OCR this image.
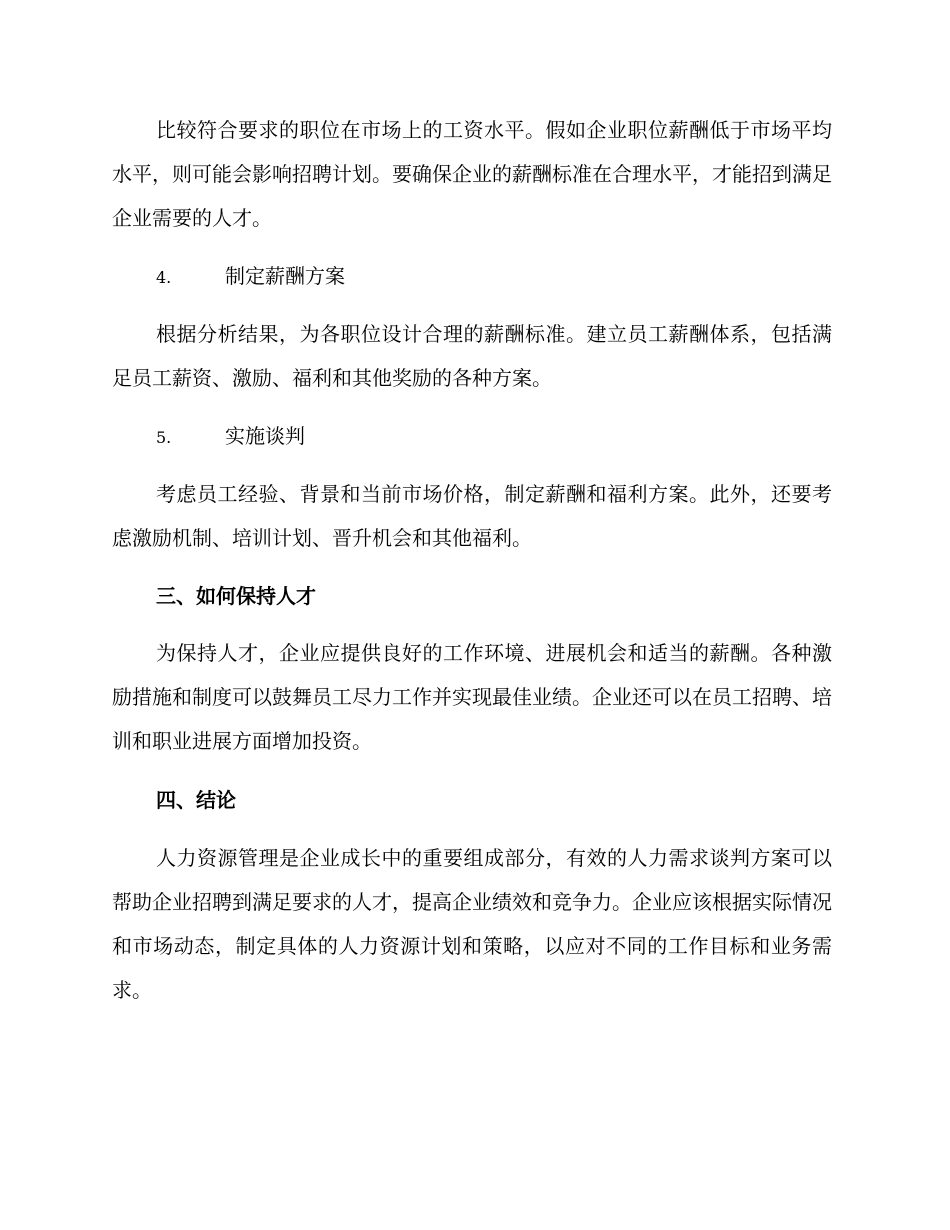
比较符合要求的职位在市场上的工资水平。假如企业职位薪酬低于市场平均水平，则可能会影响招聘计划。要确保企业的薪酬标准在合理水平，才能招到满足企业需要的人才。

4.	制定薪酬方案

根据分析结果，为各职位设计合理的薪酬标准。建立员工薪酬体系，包括满足员工薪资、激励、福利和其他奖励的各种方案。

5.	实施谈判

考虑员工经验、背景和当前市场价格，制定薪酬和福利方案。此外，还要考虑激励机制、培训计划、晋升机会和其他福利。

三、如何保持人才

为保持人才，企业应提供良好的工作环境、进展机会和适当的薪酬。各种激励措施和制度可以鼓舞员工尽力工作并实现最佳业绩。企业还可以在员工招聘、培训和职业进展方面增加投资。

四、结论

人力资源管理是企业成长中的重要组成部分，有效的人力需求谈判方案可以帮助企业招聘到满足要求的人才，提高企业绩效和竞争力。企业应该根据实际情况和市场动态，制定具体的人力资源计划和策略，以应对不同的工作目标和业务需求。
